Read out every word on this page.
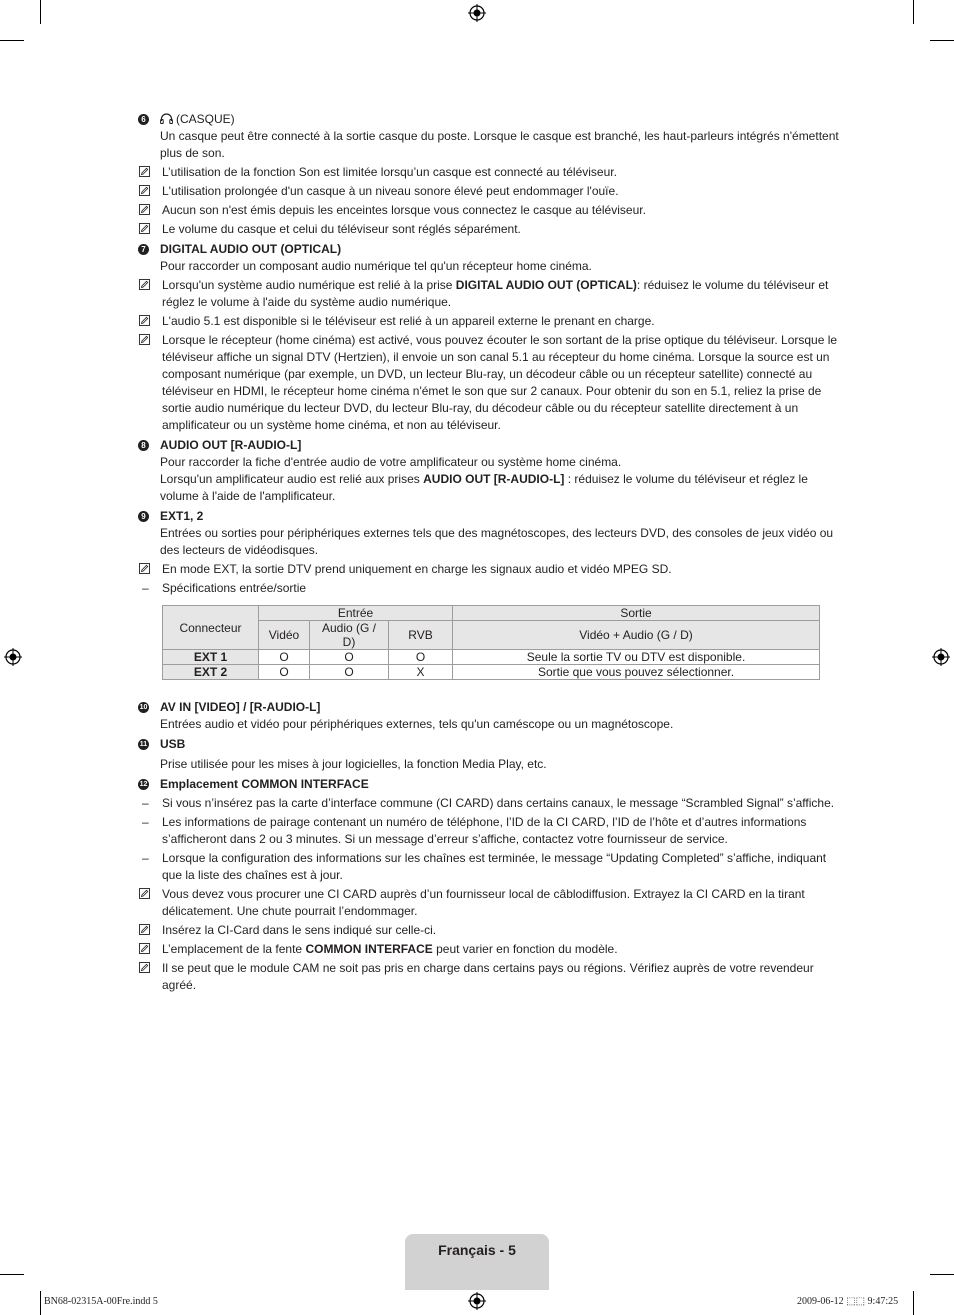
6	(CASQUE)
Un casque peut être connecté à la sortie casque du poste. Lorsque le casque est branché, les haut-parleurs intégrés n'émettent plus de son.
L’utilisation de la fonction Son est limitée lorsqu’un casque est connecté au téléviseur.
L'utilisation prolongée d'un casque à un niveau sonore élevé peut endommager l'ouïe.
Aucun son n'est émis depuis les enceintes lorsque vous connectez le casque au téléviseur.
Le volume du casque et celui du téléviseur sont réglés séparément.
7 DIGITAL AUDIO OUT (OPTICAL)
Pour raccorder un composant audio numérique tel qu'un récepteur home cinéma.
Lorsqu'un système audio numérique est relié à la prise DIGITAL AUDIO OUT (OPTICAL): réduisez le volume du téléviseur et réglez le volume à l'aide du système audio numérique.
L'audio 5.1 est disponible si le téléviseur est relié à un appareil externe le prenant en charge.
Lorsque le récepteur (home cinéma) est activé, vous pouvez écouter le son sortant de la prise optique du téléviseur. Lorsque le téléviseur affiche un signal DTV (Hertzien), il envoie un son canal 5.1 au récepteur du home cinéma. Lorsque la source est un composant numérique (par exemple, un DVD, un lecteur Blu-ray, un décodeur câble ou un récepteur satellite) connecté au téléviseur en HDMI, le récepteur home cinéma n'émet le son que sur 2 canaux. Pour obtenir du son en 5.1, reliez la prise de sortie audio numérique du lecteur DVD, du lecteur Blu-ray, du décodeur câble ou du récepteur satellite directement à un amplificateur ou un système home cinéma, et non au téléviseur.
8 AUDIO OUT [R-AUDIO-L]
Pour raccorder la fiche d'entrée audio de votre amplificateur ou système home cinéma.
Lorsqu'un amplificateur audio est relié aux prises AUDIO OUT [R-AUDIO-L] : réduisez le volume du téléviseur et réglez le volume à l'aide de l'amplificateur.
9 EXT1, 2
Entrées ou sorties pour périphériques externes tels que des magnétoscopes, des lecteurs DVD, des consoles de jeux vidéo ou des lecteurs de vidéodisques.
En mode EXT, la sortie DTV prend uniquement en charge les signaux audio et vidéo MPEG SD.
– Spécifications entrée/sortie
Connecteur	Entrée			Sortie
	Vidéo	Audio (G / D)	RVB	Vidéo + Audio (G / D)
EXT 1	O	O	O	Seule la sortie TV ou DTV est disponible.
EXT 2	O	O	X	Sortie que vous pouvez sélectionner.
10 AV IN [VIDEO] / [R-AUDIO-L]
Entrées audio et vidéo pour périphériques externes, tels qu'un caméscope ou un magnétoscope.
11 USB
Prise utilisée pour les mises à jour logicielles, la fonction Media Play, etc.
12 Emplacement COMMON INTERFACE
– Si vous n’insérez pas la carte d’interface commune (CI CARD) dans certains canaux, le message “Scrambled Signal” s’affiche.
– Les informations de pairage contenant un numéro de téléphone, l’ID de la CI CARD, l’ID de l’hôte et d’autres informations s’afficheront dans 2 ou 3 minutes. Si un message d’erreur s’affiche, contactez votre fournisseur de service.
– Lorsque la configuration des informations sur les chaînes est terminée, le message “Updating Completed” s’affiche, indiquant que la liste des chaînes est à jour.
Vous devez vous procurer une CI CARD auprès d’un fournisseur local de câblodiffusion. Extrayez la CI CARD en la tirant délicatement. Une chute pourrait l’endommager.
Insérez la CI-Card dans le sens indiqué sur celle-ci.
L’emplacement de la fente COMMON INTERFACE peut varier en fonction du modèle.
Il se peut que le module CAM ne soit pas pris en charge dans certains pays ou régions. Vérifiez auprès de votre revendeur agréé.
Français - 5
BN68-02315A-00Fre.indd 5	2009-06-12 ⬚⬚ 9:47:25
